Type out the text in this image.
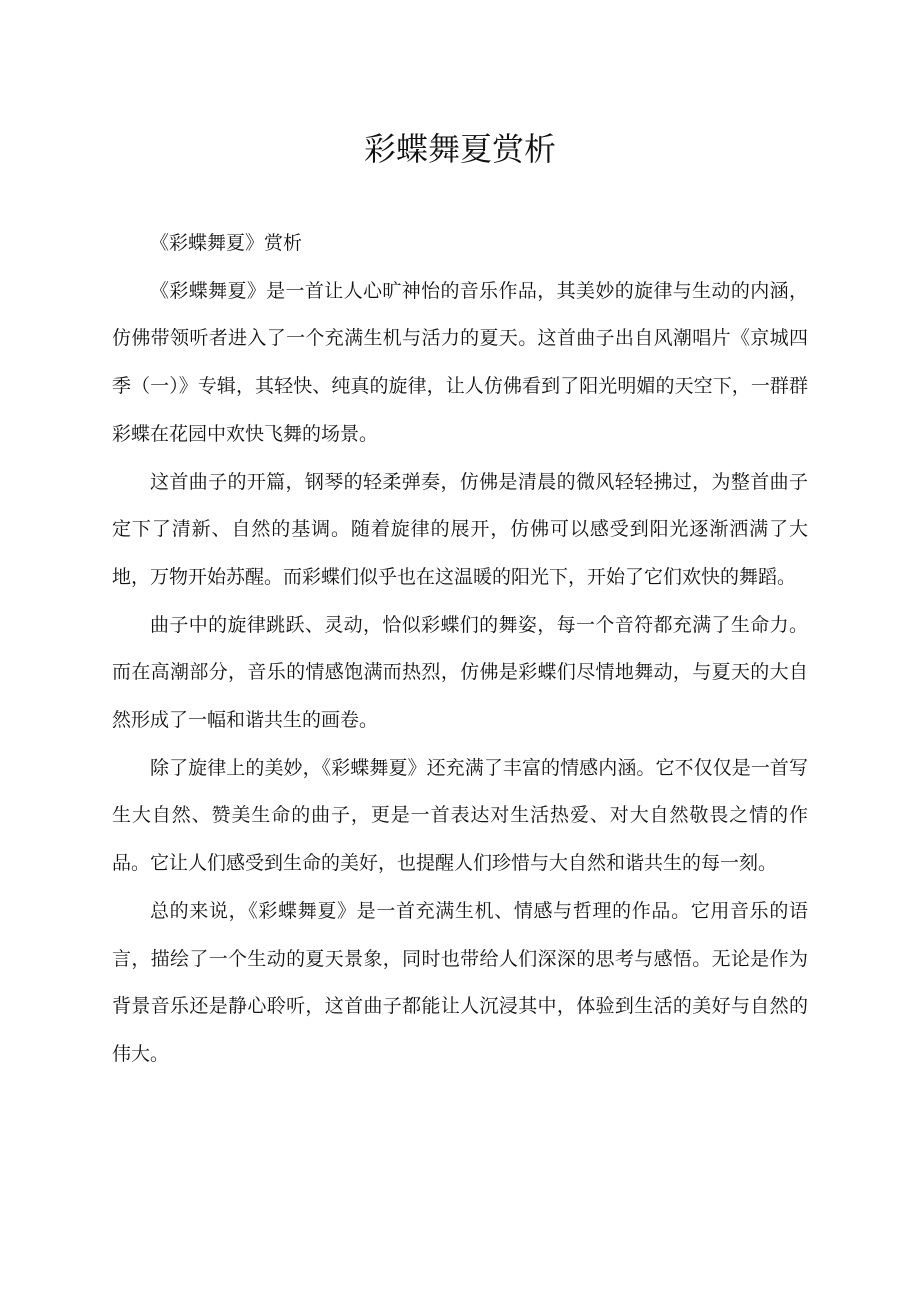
彩蝶舞夏赏析

《彩蝶舞夏》赏析

《彩蝶舞夏》是一首让人心旷神怡的音乐作品，其美妙的旋律与生动的内涵，仿佛带领听者进入了一个充满生机与活力的夏天。这首曲子出自风潮唱片《京城四季（一）》专辑，其轻快、纯真的旋律，让人仿佛看到了阳光明媚的天空下，一群群彩蝶在花园中欢快飞舞的场景。

这首曲子的开篇，钢琴的轻柔弹奏，仿佛是清晨的微风轻轻拂过，为整首曲子定下了清新、自然的基调。随着旋律的展开，仿佛可以感受到阳光逐渐洒满了大地，万物开始苏醒。而彩蝶们似乎也在这温暖的阳光下，开始了它们欢快的舞蹈。

曲子中的旋律跳跃、灵动，恰似彩蝶们的舞姿，每一个音符都充满了生命力。而在高潮部分，音乐的情感饱满而热烈，仿佛是彩蝶们尽情地舞动，与夏天的大自然形成了一幅和谐共生的画卷。

除了旋律上的美妙，《彩蝶舞夏》还充满了丰富的情感内涵。它不仅仅是一首写生大自然、赞美生命的曲子，更是一首表达对生活热爱、对大自然敬畏之情的作品。它让人们感受到生命的美好，也提醒人们珍惜与大自然和谐共生的每一刻。

总的来说，《彩蝶舞夏》是一首充满生机、情感与哲理的作品。它用音乐的语言，描绘了一个生动的夏天景象，同时也带给人们深深的思考与感悟。无论是作为背景音乐还是静心聆听，这首曲子都能让人沉浸其中，体验到生活的美好与自然的伟大。
